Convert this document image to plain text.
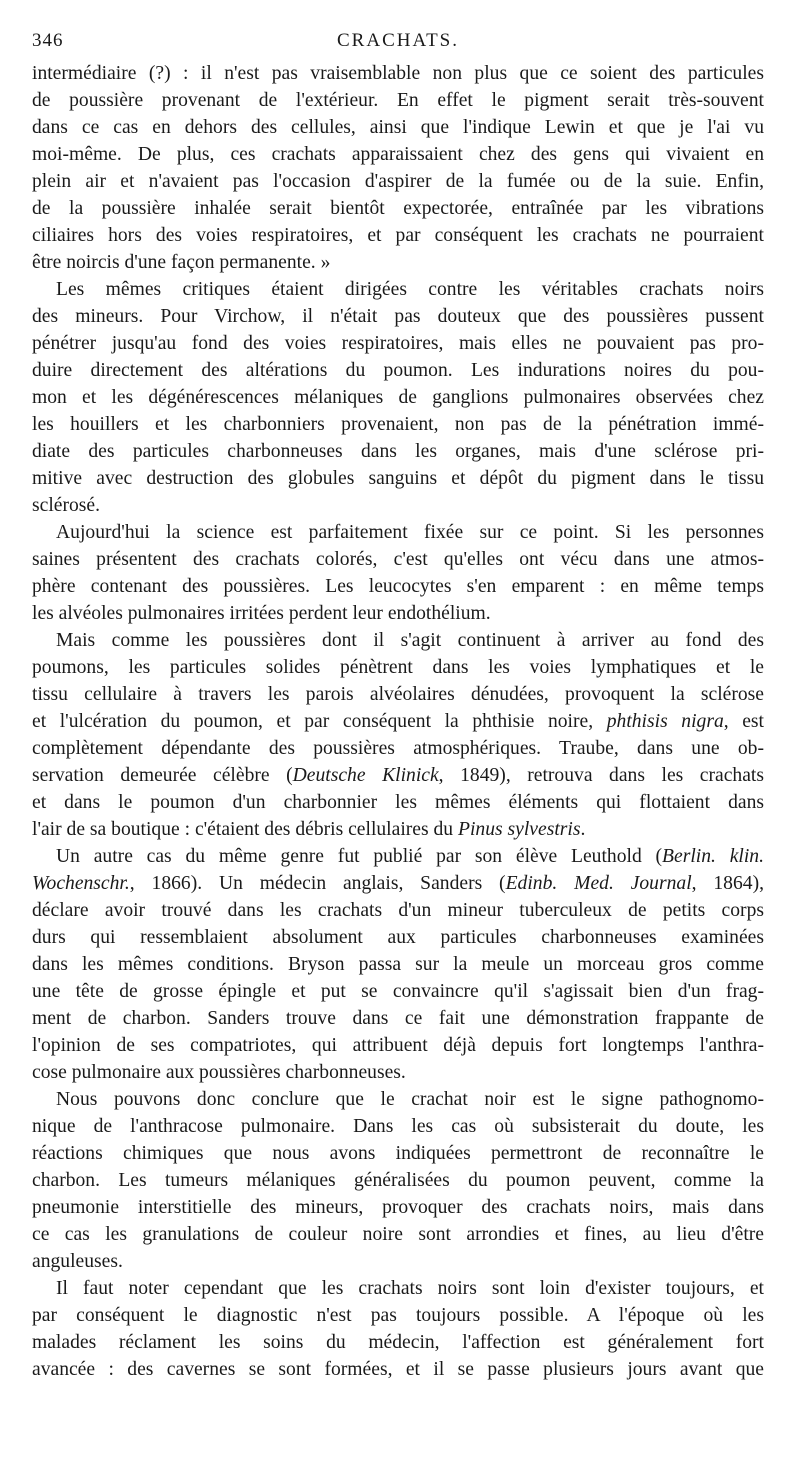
346	CRACHATS.
intermédiaire (?) : il n'est pas vraisemblable non plus que ce soient des particules
de poussière provenant de l'extérieur. En effet le pigment serait très-souvent
dans ce cas en dehors des cellules, ainsi que l'indique Lewin et que je l'ai vu
moi-même. De plus, ces crachats apparaissaient chez des gens qui vivaient en
plein air et n'avaient pas l'occasion d'aspirer de la fumée ou de la suie. Enfin,
de la poussière inhalée serait bientôt expectorée, entraînée par les vibrations
ciliaires hors des voies respiratoires, et par conséquent les crachats ne pourraient
être noircis d'une façon permanente. »
Les mêmes critiques étaient dirigées contre les véritables crachats noirs
des mineurs. Pour Virchow, il n'était pas douteux que des poussières pussent
pénétrer jusqu'au fond des voies respiratoires, mais elles ne pouvaient pas pro-
duire directement des altérations du poumon. Les indurations noires du pou-
mon et les dégénérescences mélaniques de ganglions pulmonaires observées chez
les houillers et les charbonniers provenaient, non pas de la pénétration immé-
diate des particules charbonneuses dans les organes, mais d'une sclérose pri-
mitive avec destruction des globules sanguins et dépôt du pigment dans le tissu
sclérosé.
Aujourd'hui la science est parfaitement fixée sur ce point. Si les personnes
saines présentent des crachats colorés, c'est qu'elles ont vécu dans une atmos-
phère contenant des poussières. Les leucocytes s'en emparent : en même temps
les alvéoles pulmonaires irritées perdent leur endothélium.
Mais comme les poussières dont il s'agit continuent à arriver au fond des
poumons, les particules solides pénètrent dans les voies lymphatiques et le
tissu cellulaire à travers les parois alvéolaires dénudées, provoquent la sclérose
et l'ulcération du poumon, et par conséquent la phthisie noire, phthisis nigra, est
complètement dépendante des poussières atmosphériques. Traube, dans une ob-
servation demeurée célèbre (Deutsche Klinick, 1849), retrouva dans les crachats
et dans le poumon d'un charbonnier les mêmes éléments qui flottaient dans
l'air de sa boutique : c'étaient des débris cellulaires du Pinus sylvestris.
Un autre cas du même genre fut publié par son élève Leuthold (Berlin. klin.
Wochenschr., 1866). Un médecin anglais, Sanders (Edinb. Med. Journal, 1864),
déclare avoir trouvé dans les crachats d'un mineur tuberculeux de petits corps
durs qui ressemblaient absolument aux particules charbonneuses examinées
dans les mêmes conditions. Bryson passa sur la meule un morceau gros comme
une tête de grosse épingle et put se convaincre qu'il s'agissait bien d'un frag-
ment de charbon. Sanders trouve dans ce fait une démonstration frappante de
l'opinion de ses compatriotes, qui attribuent déjà depuis fort longtemps l'anthra-
cose pulmonaire aux poussières charbonneuses.
Nous pouvons donc conclure que le crachat noir est le signe pathognomo-
nique de l'anthracose pulmonaire. Dans les cas où subsisterait du doute, les
réactions chimiques que nous avons indiquées permettront de reconnaître le
charbon. Les tumeurs mélaniques généralisées du poumon peuvent, comme la
pneumonie interstitielle des mineurs, provoquer des crachats noirs, mais dans
ce cas les granulations de couleur noire sont arrondies et fines, au lieu d'être
anguleuses.
Il faut noter cependant que les crachats noirs sont loin d'exister toujours, et
par conséquent le diagnostic n'est pas toujours possible. A l'époque où les
malades réclament les soins du médecin, l'affection est généralement fort
avancée : des cavernes se sont formées, et il se passe plusieurs jours avant que
